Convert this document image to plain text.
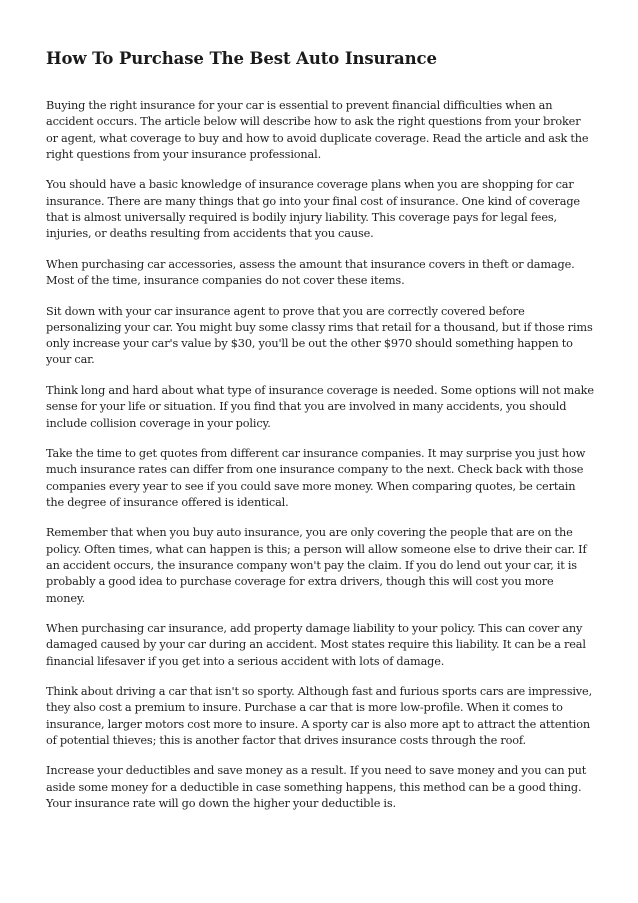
How To Purchase The Best Auto Insurance

Buying the right insurance for your car is essential to prevent financial difficulties when an accident occurs. The article below will describe how to ask the right questions from your broker or agent, what coverage to buy and how to avoid duplicate coverage. Read the article and ask the right questions from your insurance professional.

You should have a basic knowledge of insurance coverage plans when you are shopping for car insurance. There are many things that go into your final cost of insurance. One kind of coverage that is almost universally required is bodily injury liability. This coverage pays for legal fees, injuries, or deaths resulting from accidents that you cause.

When purchasing car accessories, assess the amount that insurance covers in theft or damage. Most of the time, insurance companies do not cover these items.

Sit down with your car insurance agent to prove that you are correctly covered before personalizing your car. You might buy some classy rims that retail for a thousand, but if those rims only increase your car's value by $30, you'll be out the other $970 should something happen to your car.

Think long and hard about what type of insurance coverage is needed. Some options will not make sense for your life or situation. If you find that you are involved in many accidents, you should include collision coverage in your policy.

Take the time to get quotes from different car insurance companies. It may surprise you just how much insurance rates can differ from one insurance company to the next. Check back with those companies every year to see if you could save more money. When comparing quotes, be certain the degree of insurance offered is identical.

Remember that when you buy auto insurance, you are only covering the people that are on the policy. Often times, what can happen is this; a person will allow someone else to drive their car. If an accident occurs, the insurance company won't pay the claim. If you do lend out your car, it is probably a good idea to purchase coverage for extra drivers, though this will cost you more money.

When purchasing car insurance, add property damage liability to your policy. This can cover any damaged caused by your car during an accident. Most states require this liability. It can be a real financial lifesaver if you get into a serious accident with lots of damage.

Think about driving a car that isn't so sporty. Although fast and furious sports cars are impressive, they also cost a premium to insure. Purchase a car that is more low-profile. When it comes to insurance, larger motors cost more to insure. A sporty car is also more apt to attract the attention of potential thieves; this is another factor that drives insurance costs through the roof.

Increase your deductibles and save money as a result. If you need to save money and you can put aside some money for a deductible in case something happens, this method can be a good thing. Your insurance rate will go down the higher your deductible is.
